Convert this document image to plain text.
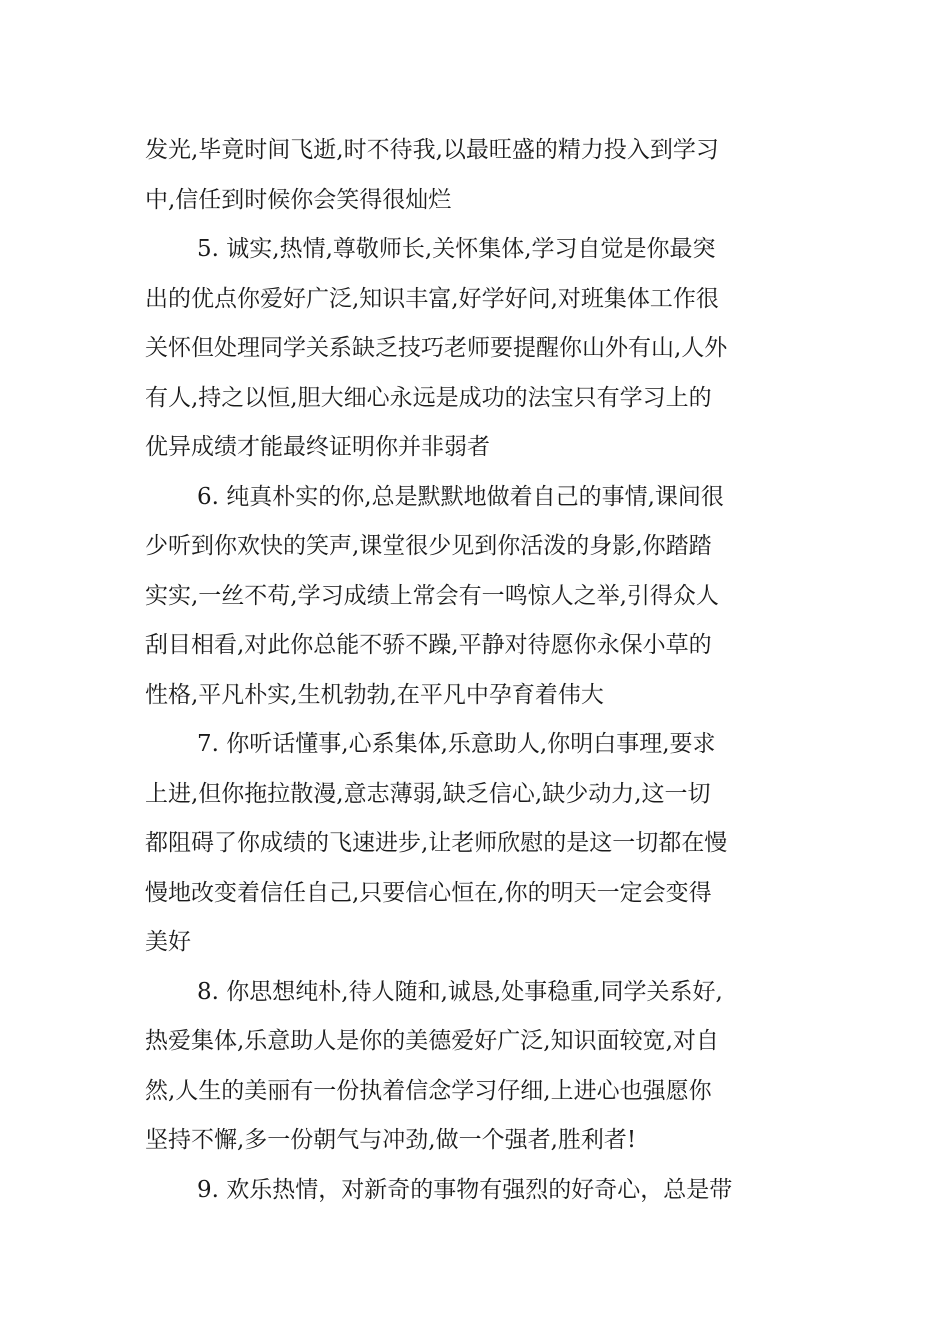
发光,毕竟时间飞逝,时不待我,以最旺盛的精力投入到学习
中,信任到时候你会笑得很灿烂
5. 诚实,热情,尊敬师长,关怀集体,学习自觉是你最突
出的优点你爱好广泛,知识丰富,好学好问,对班集体工作很
关怀但处理同学关系缺乏技巧老师要提醒你山外有山,人外
有人,持之以恒,胆大细心永远是成功的法宝只有学习上的
优异成绩才能最终证明你并非弱者
6. 纯真朴实的你,总是默默地做着自己的事情,课间很
少听到你欢快的笑声,课堂很少见到你活泼的身影,你踏踏
实实,一丝不苟,学习成绩上常会有一鸣惊人之举,引得众人
刮目相看,对此你总能不骄不躁,平静对待愿你永保小草的
性格,平凡朴实,生机勃勃,在平凡中孕育着伟大
7. 你听话懂事,心系集体,乐意助人,你明白事理,要求
上进,但你拖拉散漫,意志薄弱,缺乏信心,缺少动力,这一切
都阻碍了你成绩的飞速进步,让老师欣慰的是这一切都在慢
慢地改变着信任自己,只要信心恒在,你的明天一定会变得
美好
8. 你思想纯朴,待人随和,诚恳,处事稳重,同学关系好,
热爱集体,乐意助人是你的美德爱好广泛,知识面较宽,对自
然,人生的美丽有一份执着信念学习仔细,上进心也强愿你
坚持不懈,多一份朝气与冲劲,做一个强者,胜利者!
9. 欢乐热情，对新奇的事物有强烈的好奇心，总是带
